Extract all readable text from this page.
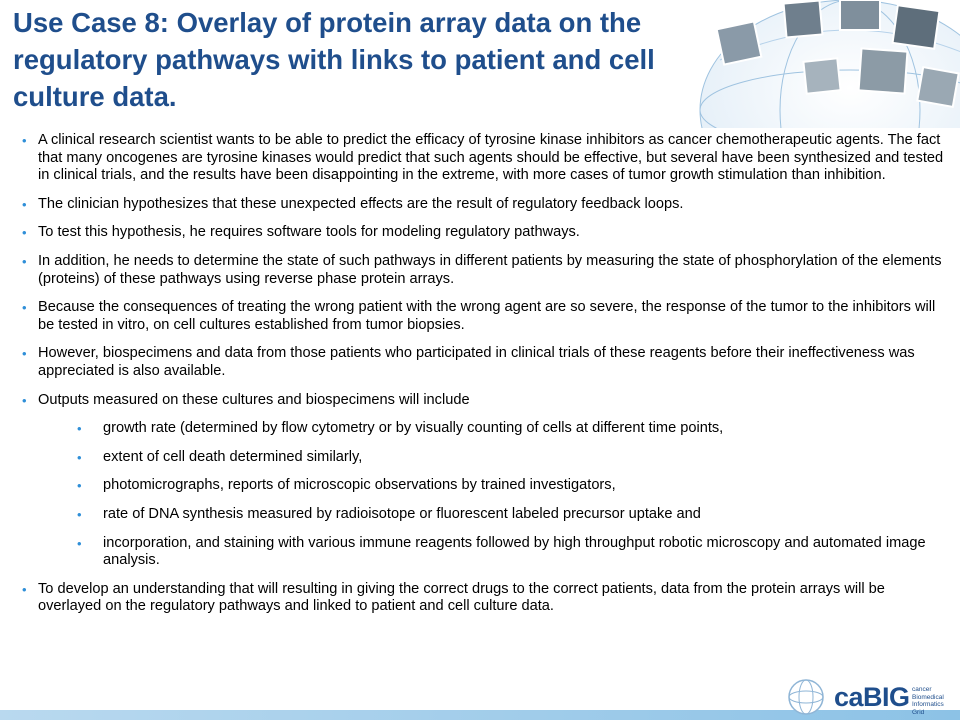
Use Case 8: Overlay of protein array data on the regulatory pathways with links to patient and cell culture data.
• A clinical research scientist wants to be able to predict the efficacy of tyrosine kinase inhibitors as cancer chemotherapeutic agents. The fact that many oncogenes are tyrosine kinases would predict that such agents should be effective, but several have been synthesized and tested in clinical trials, and the results have been disappointing in the extreme, with more cases of tumor growth stimulation than inhibition.
• The clinician hypothesizes that these unexpected effects are the result of regulatory feedback loops.
• To test this hypothesis, he requires software tools for modeling regulatory pathways.
• In addition, he needs to determine the state of such pathways in different patients by measuring the state of phosphorylation of the elements (proteins) of these pathways using reverse phase protein arrays.
• Because the consequences of treating the wrong patient with the wrong agent are so severe, the response of the tumor to the inhibitors will be tested in vitro, on cell cultures established from tumor biopsies.
• However, biospecimens and data from those patients who participated in clinical trials of these reagents before their ineffectiveness was appreciated is also available.
• Outputs measured on these cultures and biospecimens will include
• growth rate (determined by flow cytometry or by visually counting of cells at different time points,
• extent of cell death determined similarly,
• photomicrographs, reports of microscopic observations by trained investigators,
• rate of DNA synthesis measured by radioisotope or fluorescent labeled precursor uptake and
• incorporation, and staining with various immune reagents followed by high throughput robotic microscopy and automated image analysis.
• To develop an understanding that will resulting in giving the correct drugs to the correct patients, data from the protein arrays will be overlayed on the regulatory pathways and linked to patient and cell culture data.
caBIG cancer Biomedical Informatics Grid
